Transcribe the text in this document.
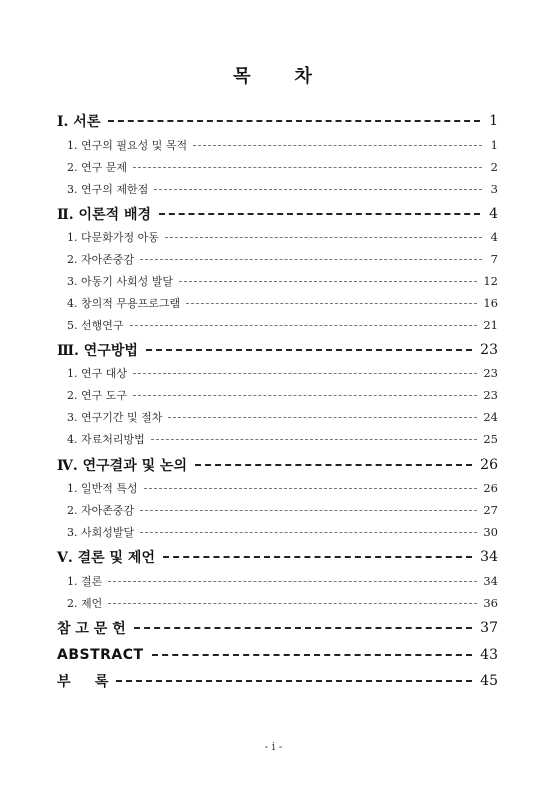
목 차
Ⅰ. 서론	1
1. 연구의 필요성 및 목적	1
2. 연구 문제	2
3. 연구의 제한점	3
Ⅱ. 이론적 배경	4
1. 다문화가정 아동	4
2. 자아존중감	7
3. 아동기 사회성 발달	12
4. 창의적 무용프로그램	16
5. 선행연구	21
Ⅲ. 연구방법	23
1. 연구 대상	23
2. 연구 도구	23
3. 연구기간 및 절차	24
4. 자료처리방법	25
Ⅳ. 연구결과 및 논의	26
1. 일반적 특성	26
2. 자아존중감	27
3. 사회성발달	30
Ⅴ. 결론 및 제언	34
1. 결론	34
2. 제언	36
참 고 문 헌	37
ABSTRACT	43
부     록	45
- i -
